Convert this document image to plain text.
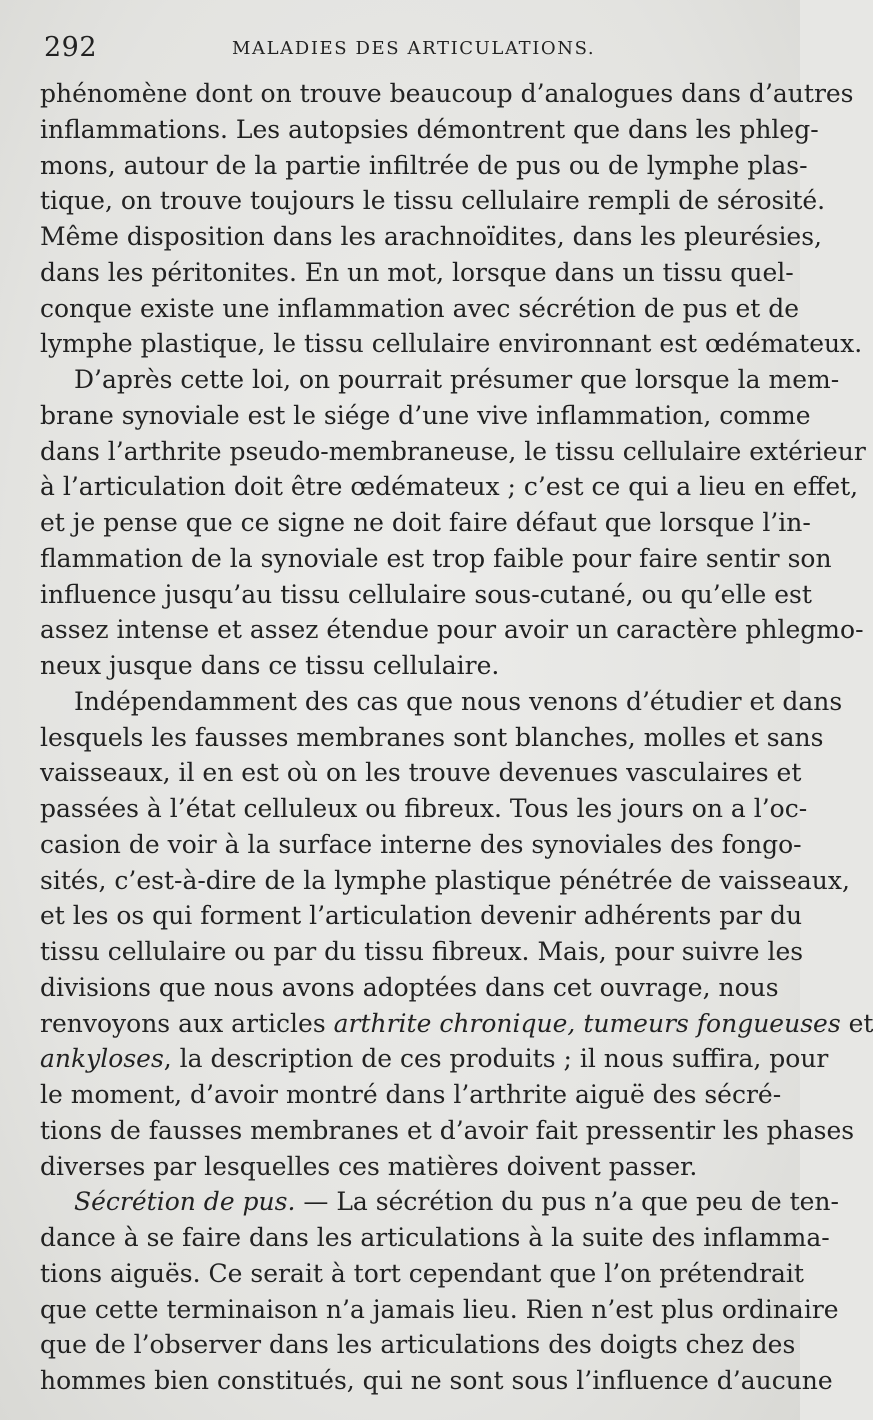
292	MALADIES DES ARTICULATIONS.
phénomène dont on trouve beaucoup d’analogues dans d’autres
inflammations. Les autopsies démontrent que dans les phleg-
mons, autour de la partie infiltrée de pus ou de lymphe plas-
tique, on trouve toujours le tissu cellulaire rempli de sérosité.
Même disposition dans les arachnoïdites, dans les pleurésies,
dans les péritonites. En un mot, lorsque dans un tissu quel-
conque existe une inflammation avec sécrétion de pus et de
lymphe plastique, le tissu cellulaire environnant est œdémateux.
D’après cette loi, on pourrait présumer que lorsque la mem-
brane synoviale est le siége d’une vive inflammation, comme
dans l’arthrite pseudo-membraneuse, le tissu cellulaire extérieur
à l’articulation doit être œdémateux ; c’est ce qui a lieu en effet,
et je pense que ce signe ne doit faire défaut que lorsque l’in-
flammation de la synoviale est trop faible pour faire sentir son
influence jusqu’au tissu cellulaire sous-cutané, ou qu’elle est
assez intense et assez étendue pour avoir un caractère phlegmo-
neux jusque dans ce tissu cellulaire.
Indépendamment des cas que nous venons d’étudier et dans
lesquels les fausses membranes sont blanches, molles et sans
vaisseaux, il en est où on les trouve devenues vasculaires et
passées à l’état celluleux ou fibreux. Tous les jours on a l’oc-
casion de voir à la surface interne des synoviales des fongo-
sités, c’est-à-dire de la lymphe plastique pénétrée de vaisseaux,
et les os qui forment l’articulation devenir adhérents par du
tissu cellulaire ou par du tissu fibreux. Mais, pour suivre les
divisions que nous avons adoptées dans cet ouvrage, nous
renvoyons aux articles arthrite chronique, tumeurs fongueuses et
ankyloses, la description de ces produits ; il nous suffira, pour
le moment, d’avoir montré dans l’arthrite aiguë des sécré-
tions de fausses membranes et d’avoir fait pressentir les phases
diverses par lesquelles ces matières doivent passer.
Sécrétion de pus. — La sécrétion du pus n’a que peu de ten-
dance à se faire dans les articulations à la suite des inflamma-
tions aiguës. Ce serait à tort cependant que l’on prétendrait
que cette terminaison n’a jamais lieu. Rien n’est plus ordinaire
que de l’observer dans les articulations des doigts chez des
hommes bien constitués, qui ne sont sous l’influence d’aucune
